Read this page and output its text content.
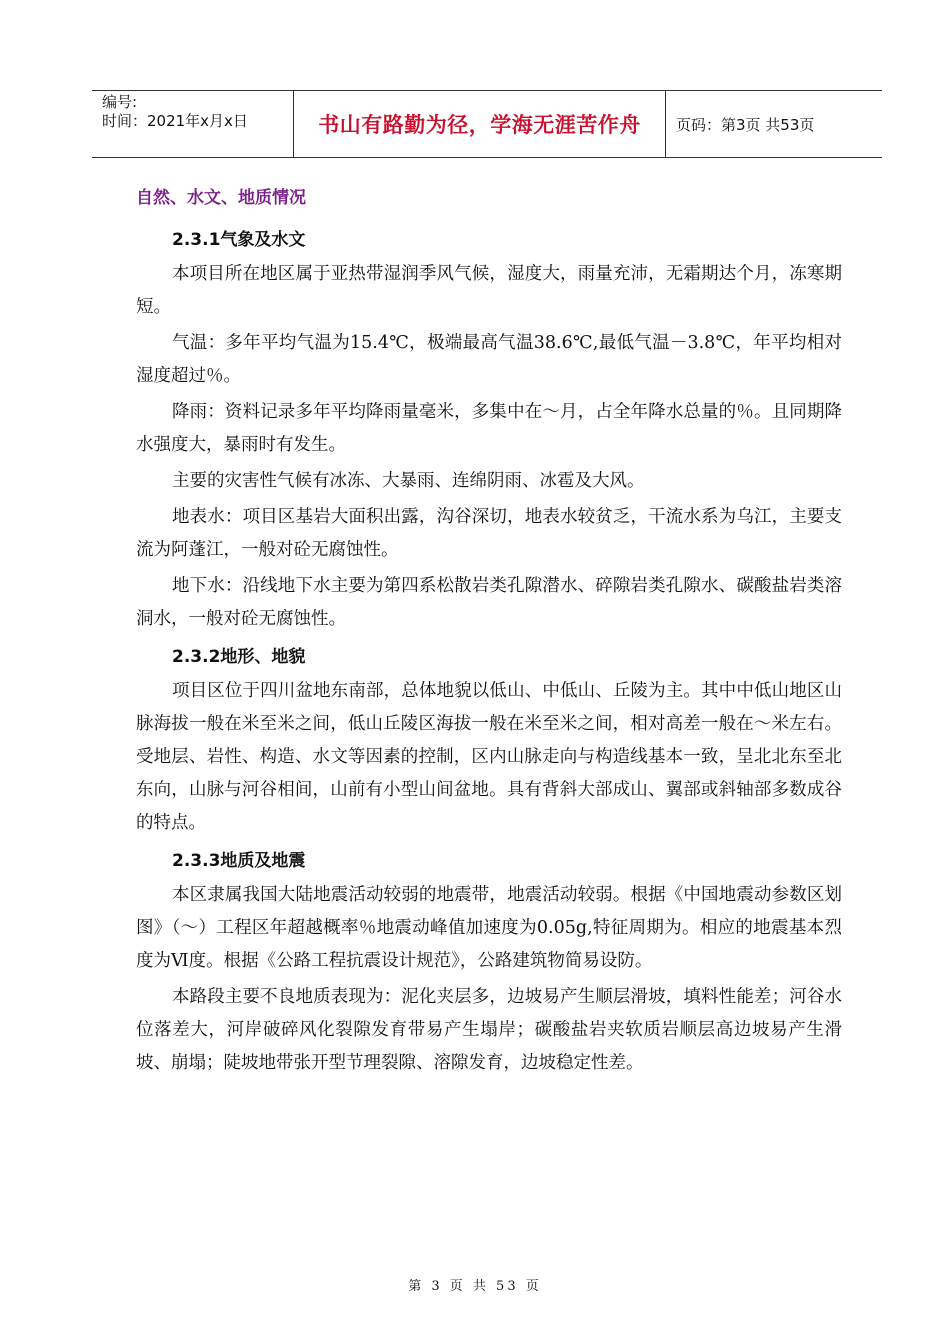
编号:
时间：2021年x月x日	书山有路勤为径，学海无涯苦作舟	页码：第3页 共53页
自然、水文、地质情况
2.3.1气象及水文

本项目所在地区属于亚热带湿润季风气候，湿度大，雨量充沛，无霜期达个月，冻寒期短。

气温：多年平均气温为15.4℃，极端最高气温38.6℃,最低气温－3.8℃，年平均相对湿度超过％。

降雨：资料记录多年平均降雨量毫米，多集中在～月，占全年降水总量的％。且同期降水强度大，暴雨时有发生。

主要的灾害性气候有冰冻、大暴雨、连绵阴雨、冰雹及大风。

地表水：项目区基岩大面积出露，沟谷深切，地表水较贫乏，干流水系为乌江，主要支流为阿蓬江，一般对砼无腐蚀性。

地下水：沿线地下水主要为第四系松散岩类孔隙潜水、碎隙岩类孔隙水、碳酸盐岩类溶洞水，一般对砼无腐蚀性。

2.3.2地形、地貌

项目区位于四川盆地东南部，总体地貌以低山、中低山、丘陵为主。其中中低山地区山脉海拔一般在米至米之间，低山丘陵区海拔一般在米至米之间，相对高差一般在～米左右。受地层、岩性、构造、水文等因素的控制，区内山脉走向与构造线基本一致，呈北北东至北东向，山脉与河谷相间，山前有小型山间盆地。具有背斜大部成山、翼部或斜轴部多数成谷的特点。

2.3.3地质及地震

本区隶属我国大陆地震活动较弱的地震带，地震活动较弱。根据《中国地震动参数区划图》（～）工程区年超越概率％地震动峰值加速度为0.05g,特征周期为。相应的地震基本烈度为Ⅵ度。根据《公路工程抗震设计规范》，公路建筑物简易设防。

本路段主要不良地质表现为：泥化夹层多，边坡易产生顺层滑坡，填料性能差；河谷水位落差大，河岸破碎风化裂隙发育带易产生塌岸；碳酸盐岩夹软质岩顺层高边坡易产生滑坡、崩塌；陡坡地带张开型节理裂隙、溶隙发育，边坡稳定性差。

第 3 页 共 53 页
